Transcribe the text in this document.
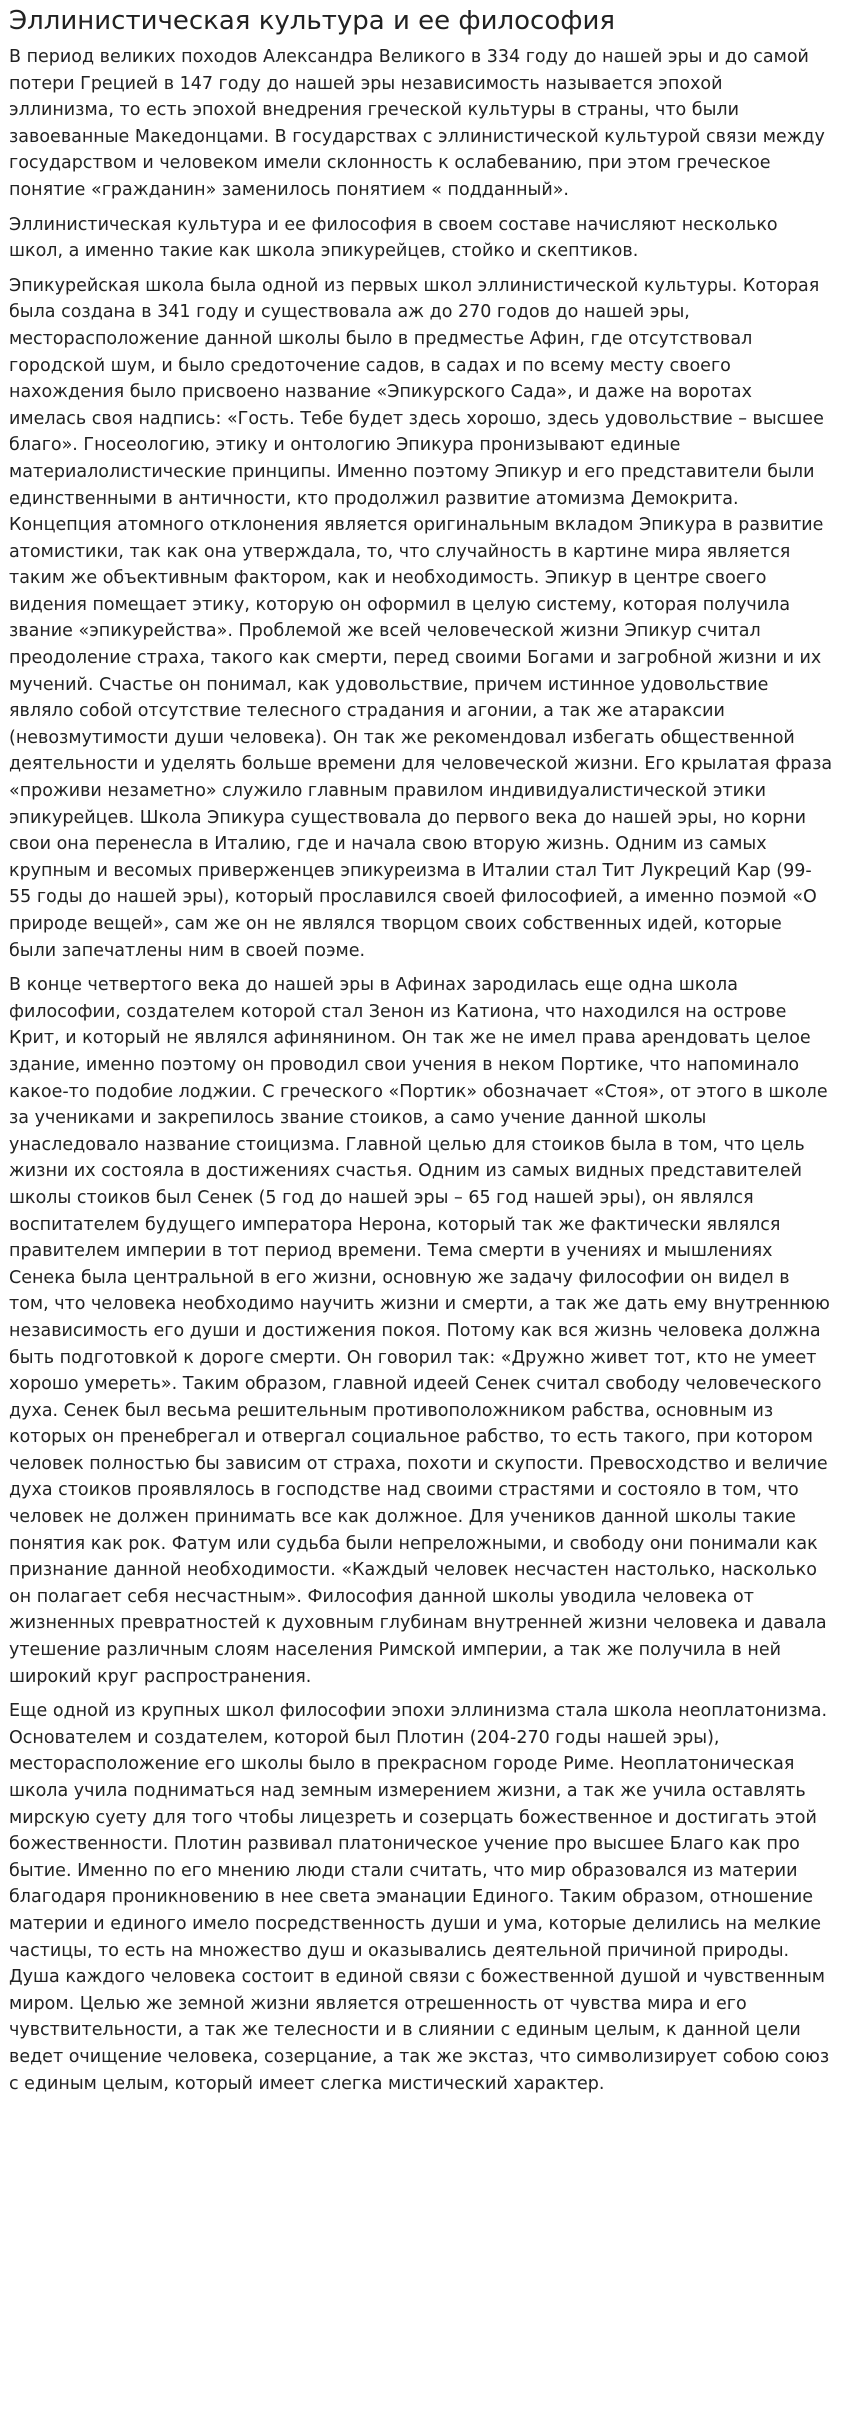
Эллинистическая культура и ее философия

В период великих походов Александра Великого в 334 году до нашей эры и до самой потери Грецией в 147 году до нашей эры независимость называется эпохой эллинизма, то есть эпохой внедрения греческой культуры в страны, что были завоеванные Македонцами. В государствах с эллинистической культурой связи между государством и человеком имели склонность к ослабеванию, при этом греческое понятие «гражданин» заменилось понятием « подданный».

Эллинистическая культура и ее философия в своем составе начисляют несколько школ, а именно такие как школа эпикурейцев, стойко и скептиков.

Эпикурейская школа была одной из первых школ эллинистической культуры. Которая была создана в 341 году и существовала аж до 270 годов до нашей эры, месторасположение данной школы было в предместье Афин, где отсутствовал городской шум, и было средоточение садов, в садах и по всему месту своего нахождения было присвоено название «Эпикурского Сада», и даже на воротах имелась своя надпись: «Гость. Тебе будет здесь хорошо, здесь удовольствие – высшее благо». Гносеологию, этику и онтологию Эпикура пронизывают единые материалолистические принципы. Именно поэтому Эпикур и его представители были единственными в античности, кто продолжил развитие атомизма Демокрита. Концепция атомного отклонения является оригинальным вкладом Эпикура в развитие атомистики, так как она утверждала, то, что случайность в картине мира является таким же объективным фактором, как и необходимость. Эпикур в центре своего видения помещает этику, которую он оформил в целую систему, которая получила звание «эпикурейства». Проблемой же всей человеческой жизни Эпикур считал преодоление страха, такого как смерти, перед своими Богами и загробной жизни и их мучений. Счастье он понимал, как удовольствие, причем истинное удовольствие являло собой отсутствие телесного страдания и агонии, а так же атараксии (невозмутимости души человека). Он так же рекомендовал избегать общественной деятельности и уделять больше времени для человеческой жизни. Его крылатая фраза «проживи незаметно» служило главным правилом индивидуалистической этики эпикурейцев. Школа Эпикура существовала до первого века до нашей эры, но корни свои она перенесла в Италию, где и начала свою вторую жизнь. Одним из самых крупным и весомых приверженцев эпикуреизма в Италии стал Тит Лукреций Кар (99-55 годы до нашей эры), который прославился своей философией, а именно поэмой «О природе вещей», сам же он не являлся творцом своих собственных идей, которые были запечатлены ним в своей поэме.

В конце четвертого века до нашей эры в Афинах зародилась еще одна школа философии, создателем которой стал Зенон из Катиона, что находился на острове Крит, и который не являлся афинянином. Он так же не имел права арендовать целое здание, именно поэтому он проводил свои учения в неком Портике, что напоминало какое-то подобие лоджии. С греческого «Портик» обозначает «Стоя», от этого в школе за учениками и закрепилось звание стоиков, а само учение данной школы унаследовало название стоицизма. Главной целью для стоиков была в том, что цель жизни их состояла в достижениях счастья. Одним из самых видных представителей школы стоиков был Сенек (5 год до нашей эры – 65 год нашей эры), он являлся воспитателем будущего императора Нерона, который так же фактически являлся правителем империи в тот период времени. Тема смерти в учениях и мышлениях Сенека была центральной в его жизни, основную же задачу философии он видел в том, что человека необходимо научить жизни и смерти, а так же дать ему внутреннюю независимость его души и достижения покоя. Потому как вся жизнь человека должна быть подготовкой к дороге смерти. Он говорил так: «Дружно живет тот, кто не умеет хорошо умереть». Таким образом, главной идеей Сенек считал свободу человеческого духа. Сенек был весьма решительным противоположником рабства, основным из которых он пренебрегал и отвергал социальное рабство, то есть такого, при котором человек полностью бы зависим от страха, похоти и скупости. Превосходство и величие духа стоиков проявлялось в господстве над своими страстями и состояло в том, что человек не должен принимать все как должное. Для учеников данной школы такие понятия как рок. Фатум или судьба были непреложными, и свободу они понимали как признание данной необходимости. «Каждый человек несчастен настолько, насколько он полагает себя несчастным». Философия данной школы уводила человека от жизненных превратностей к духовным глубинам внутренней жизни человека и давала утешение различным слоям населения Римской империи, а так же получила в ней широкий круг распространения.

Еще одной из крупных школ философии эпохи эллинизма стала школа неоплатонизма. Основателем и создателем, которой был Плотин (204-270 годы нашей эры), месторасположение его школы было в прекрасном городе Риме. Неоплатоническая школа учила подниматься над земным измерением жизни, а так же учила оставлять мирскую суету для того чтобы лицезреть и созерцать божественное и достигать этой божественности. Плотин развивал платоническое учение про высшее Благо как про бытие. Именно по его мнению люди стали считать, что мир образовался из материи благодаря проникновению в нее света эманации Единого. Таким образом, отношение материи и единого имело посредственность души и ума, которые делились на мелкие частицы, то есть на множество душ и оказывались деятельной причиной природы. Душа каждого человека состоит в единой связи с божественной душой и чувственным миром. Целью же земной жизни является отрешенность от чувства мира и его чувствительности, а так же телесности и в слиянии с единым целым, к данной цели ведет очищение человека, созерцание, а так же экстаз, что символизирует собою союз с единым целым, который имеет слегка мистический характер.
